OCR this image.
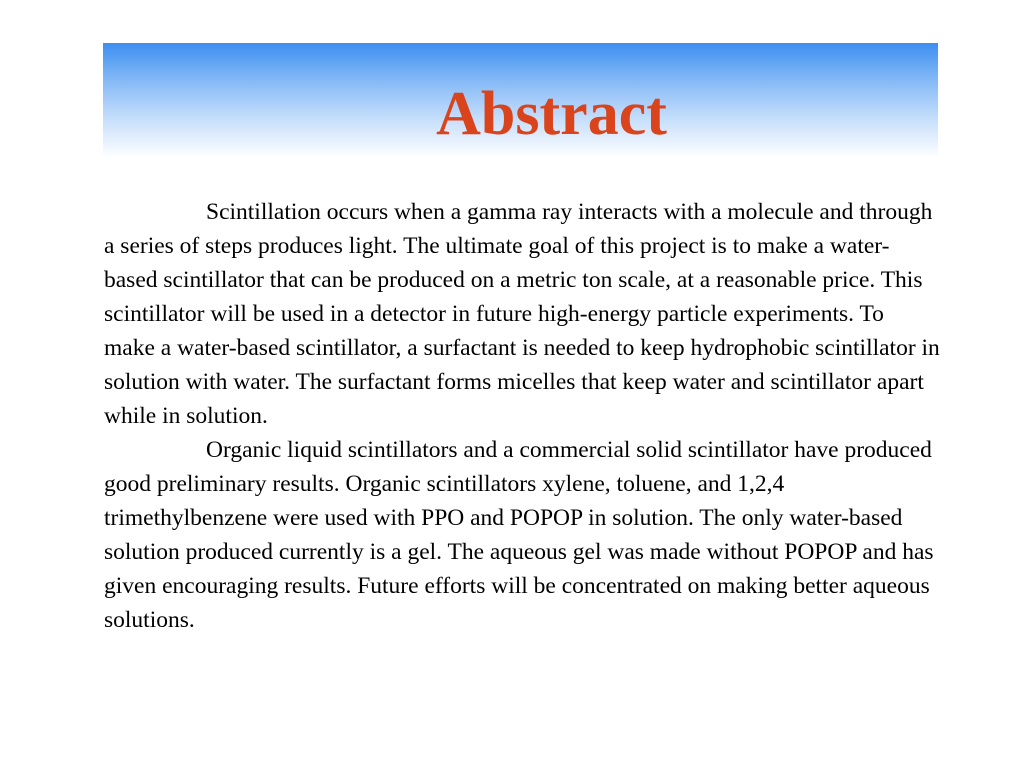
Abstract

Scintillation occurs when a gamma ray interacts with a molecule and through a series of steps produces light. The ultimate goal of this project is to make a water-based scintillator that can be produced on a metric ton scale, at a reasonable price. This scintillator will be used in a detector in future high-energy particle experiments. To make a water-based scintillator, a surfactant is needed to keep hydrophobic scintillator in solution with water. The surfactant forms micelles that keep water and scintillator apart while in solution.

Organic liquid scintillators and a commercial solid scintillator have produced good preliminary results. Organic scintillators xylene, toluene, and 1,2,4 trimethylbenzene were used with PPO and POPOP in solution. The only water-based solution produced currently is a gel. The aqueous gel was made without POPOP and has given encouraging results. Future efforts will be concentrated on making better aqueous solutions.
